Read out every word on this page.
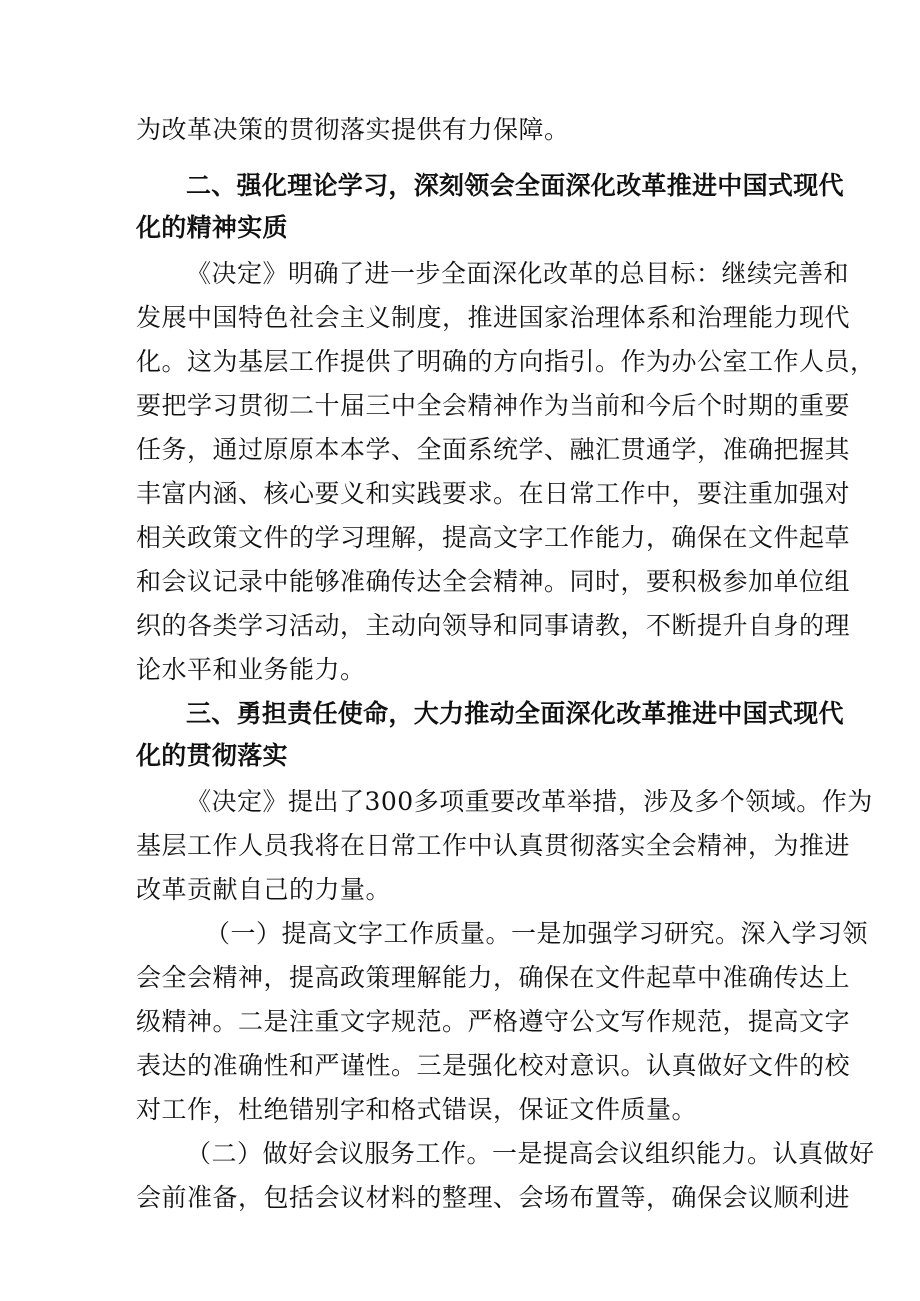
为改革决策的贯彻落实提供有力保障。

二、强化理论学习，深刻领会全面深化改革推进中国式现代

化的精神实质

《决定》明确了进一步全面深化改革的总目标：继续完善和

发展中国特色社会主义制度，推进国家治理体系和治理能力现代

化。这为基层工作提供了明确的方向指引。作为办公室工作人员，

要把学习贯彻二十届三中全会精神作为当前和今后个时期的重要

任务，通过原原本本学、全面系统学、融汇贯通学，准确把握其

丰富内涵、核心要义和实践要求。在日常工作中，要注重加强对

相关政策文件的学习理解，提高文字工作能力，确保在文件起草

和会议记录中能够准确传达全会精神。同时，要积极参加单位组

织的各类学习活动，主动向领导和同事请教，不断提升自身的理

论水平和业务能力。

三、勇担责任使命，大力推动全面深化改革推进中国式现代

化的贯彻落实

《决定》提出了300多项重要改革举措，涉及多个领域。作为

基层工作人员我将在日常工作中认真贯彻落实全会精神，为推进

改革贡献自己的力量。

（一）提高文字工作质量。一是加强学习研究。深入学习领

会全会精神，提高政策理解能力，确保在文件起草中准确传达上

级精神。二是注重文字规范。严格遵守公文写作规范，提高文字

表达的准确性和严谨性。三是强化校对意识。认真做好文件的校

对工作，杜绝错别字和格式错误，保证文件质量。

（二）做好会议服务工作。一是提高会议组织能力。认真做好

会前准备，包括会议材料的整理、会场布置等，确保会议顺利进
